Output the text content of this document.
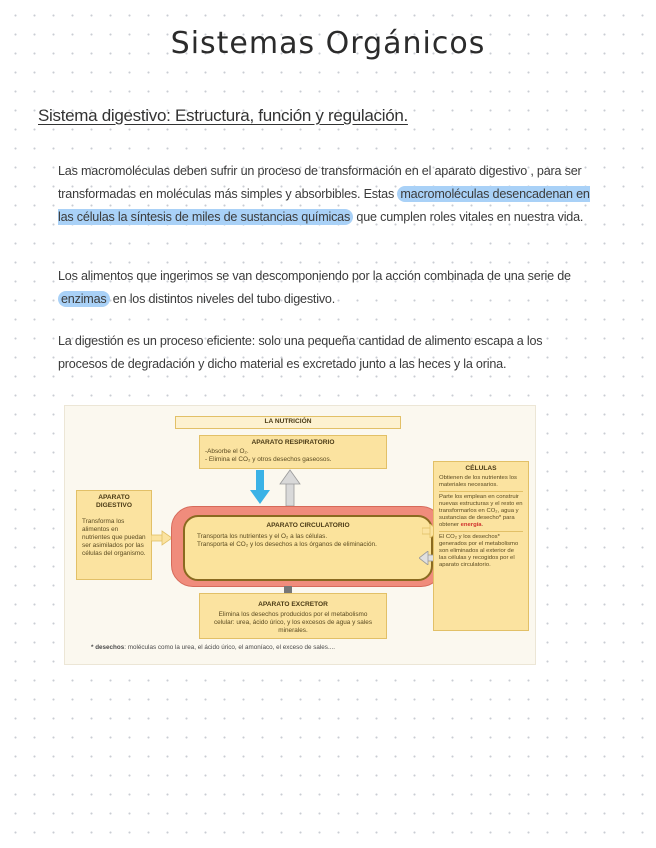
Sistemas Orgánicos
Sistema digestivo: Estructura, función y regulación.
Las macromoléculas deben sufrir un proceso de transformación en el aparato digestivo , para ser transformadas en moléculas más simples y absorbibles. Estas macromoléculas desencadenan en las células la síntesis de miles de sustancias químicas que cumplen roles vitales en nuestra vida.
Los alimentos que ingerimos se van descomponiendo por la acción combinada de una serie de enzimas en los distintos niveles del tubo digestivo.
La digestión es un proceso eficiente: solo una pequeña cantidad de alimento escapa a los procesos de degradación y dicho material es excretado junto a las heces y la orina.
LA NUTRICIÓN
APARATO RESPIRATORIO
-Absorbe el O₂.
- Elimina el CO₂ y otros desechos gaseosos.
APARATO DIGESTIVO
Transforma los alimentos en nutrientes que puedan ser asimilados por las células del organismo.
APARATO CIRCULATORIO
Transporta los nutrientes y el O₂ a las células.
Transporta el CO₂ y los desechos a los órganos de eliminación.
CÉLULAS
Obtienen de los nutrientes los materiales necesarios.
Parte los emplean en construir nuevas estructuras y el resto en transformarlos en CO₂, agua y sustancias de desecho* para obtener energía.
El CO₂ y los desechos* generados por el metabolismo son eliminados al exterior de las células y recogidos por el aparato circulatorio.
APARATO EXCRETOR
Elimina los desechos producidos por el metabolismo celular: urea, ácido úrico, y los excesos de agua y sales minerales.
* desechos: moléculas como la urea, el ácido úrico, el amoníaco, el exceso de sales....
